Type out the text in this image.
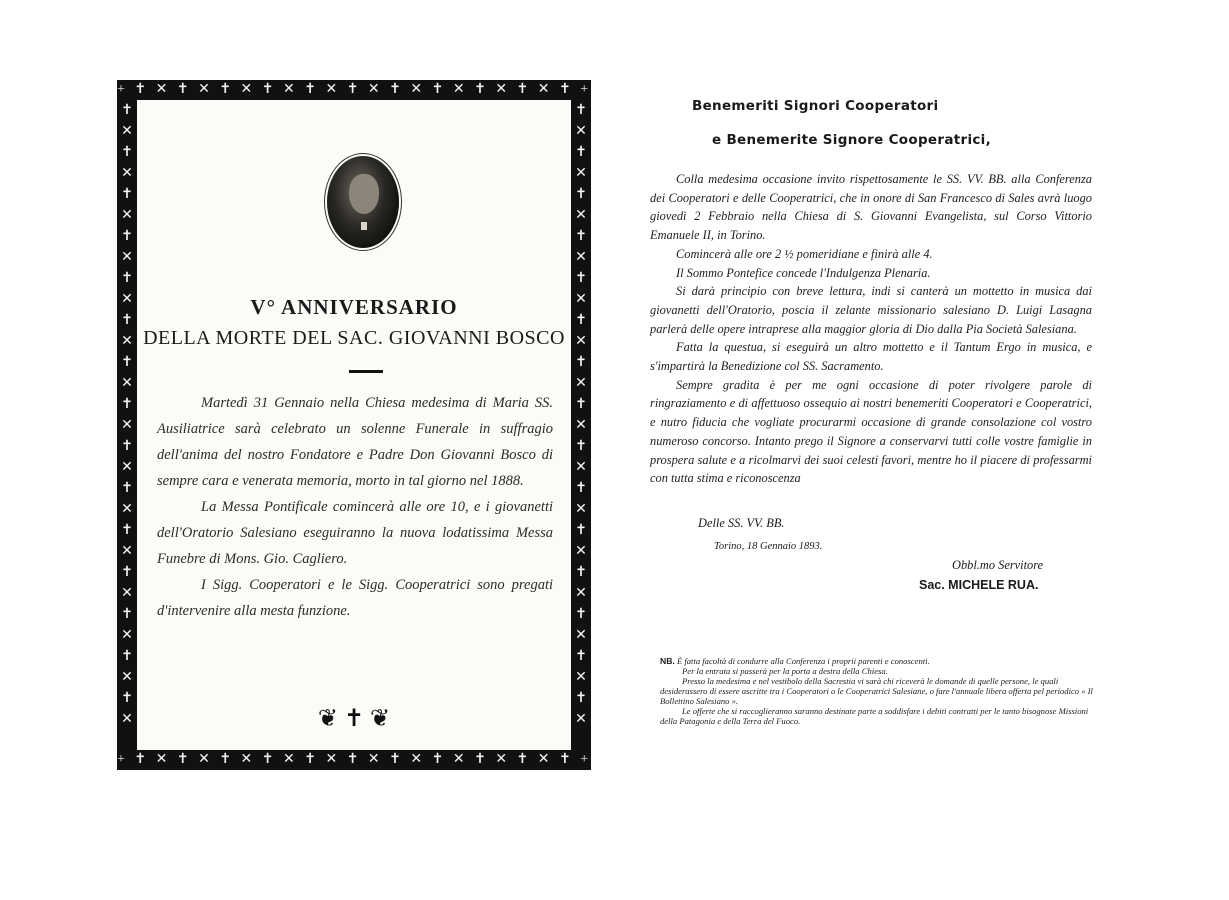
+ ✝ ✕ ✝ ✕ ✝ ✕ ✝ ✕ ✝ ✕ ✝ ✕ ✝ ✕ ✝ ✕ ✝ ✕ ✝ ✕ ✝ +
✝✕✝✕✝✕✝✕✝✕✝✕✝✕✝✕✝✕✝✕✝✕✝✕✝✕✝✕✝✕
✝✕✝✕✝✕✝✕✝✕✝✕✝✕✝✕✝✕✝✕✝✕✝✕✝✕✝✕✝✕
+ ✝ ✕ ✝ ✕ ✝ ✕ ✝ ✕ ✝ ✕ ✝ ✕ ✝ ✕ ✝ ✕ ✝ ✕ ✝ ✕ ✝ +
V° ANNIVERSARIO
DELLA MORTE DEL SAC. GIOVANNI BOSCO

Martedì 31 Gennaio nella Chiesa medesima di Maria SS. Ausiliatrice sarà celebrato un solenne Funerale in suffragio dell'anima del nostro Fondatore e Padre Don Giovanni Bosco di sempre cara e venerata memoria, morto in tal giorno nel 1888.

La Messa Pontificale comincerà alle ore 10, e i giovanetti dell'Oratorio Salesiano eseguiranno la nuova lodatissima Messa Funebre di Mons. Gio. Cagliero.

I Sigg. Cooperatori e le Sigg. Cooperatrici sono pregati d'intervenire alla mesta funzione.

❦ ✝ ❦
Benemeriti Signori Cooperatori
e Benemerite Signore Cooperatrici,

Colla medesima occasione invito rispettosamente le SS. VV. BB. alla Conferenza dei Cooperatori e delle Cooperatrici, che in onore di San Francesco di Sales avrà luogo giovedì 2 Febbraio nella Chiesa di S. Giovanni Evangelista, sul Corso Vittorio Emanuele II, in Torino.

Comincerà alle ore 2 ½ pomeridiane e finirà alle 4.

Il Sommo Pontefice concede l'Indulgenza Plenaria.

Si darà principio con breve lettura, indi si canterà un mottetto in musica dai giovanetti dell'Oratorio, poscia il zelante missionario salesiano D. Luigi Lasagna parlerà delle opere intraprese alla maggior gloria di Dio dalla Pia Società Salesiana.

Fatta la questua, si eseguirà un altro mottetto e il Tantum Ergo in musica, e s'impartirà la Benedizione col SS. Sacramento.

Sempre gradita è per me ogni occasione di poter rivolgere parole di ringraziamento e di affettuoso ossequio ai nostri benemeriti Cooperatori e Cooperatrici, e nutro fiducia che vogliate procurarmi occasione di grande consolazione col vostro numeroso concorso. Intanto prego il Signore a conservarvi tutti colle vostre famiglie in prospera salute e a ricolmarvi dei suoi celesti favori, mentre ho il piacere di professarmi con tutta stima e riconoscenza

Delle SS. VV. BB.
Torino, 18 Gennaio 1893.
Obbl.mo Servitore
Sac. MICHELE RUA.
NB. È fatta facoltà di condurre alla Conferenza i proprii parenti e conoscenti.
Per la entrata si passerà per la porta a destra della Chiesa.
Presso la medesima e nel vestibolo della Sacrestia vi sarà chi riceverà le domande di quelle persone, le quali desiderassero di essere ascritte tra i Cooperatori o le Cooperatrici Salesiane, o fare l'annuale libera offerta pel periodico « Il Bollettino Salesiano ».
Le offerte che si raccoglieranno saranno destinate parte a soddisfare i debiti contratti per le tanto bisognose Missioni della Patagonia e della Terra del Fuoco.
